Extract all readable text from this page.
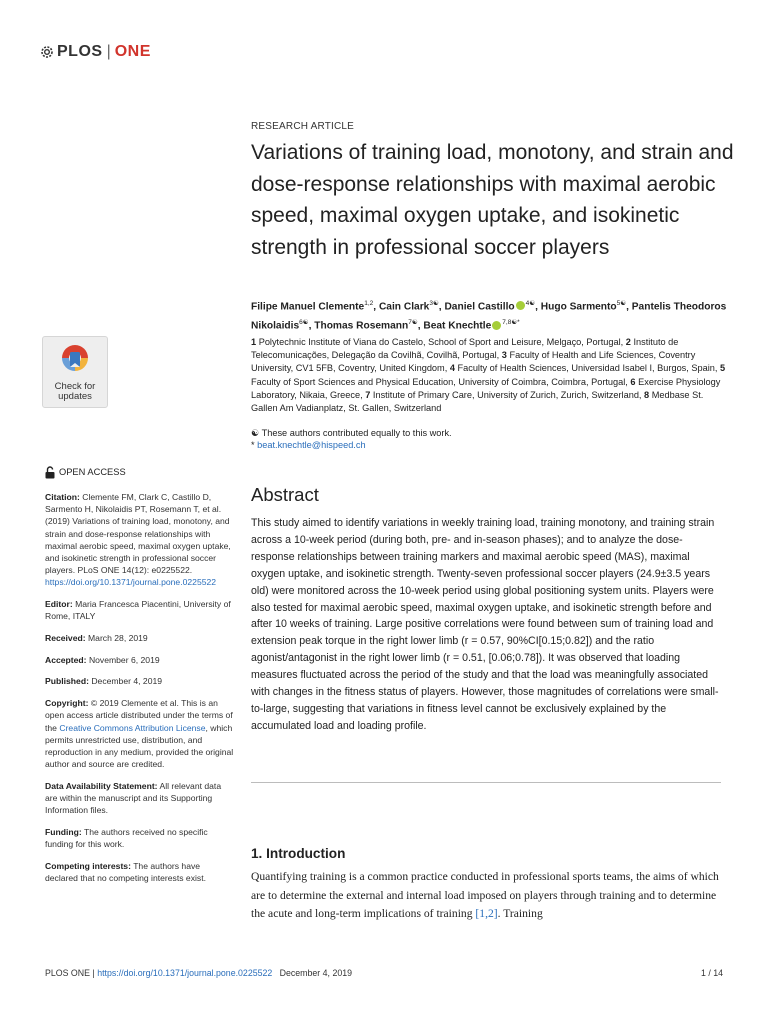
PLOS | ONE
RESEARCH ARTICLE
Variations of training load, monotony, and strain and dose-response relationships with maximal aerobic speed, maximal oxygen uptake, and isokinetic strength in professional soccer players
Filipe Manuel Clemente$^{1,2}$, Cain Clark$^{3☯}$, Daniel Castillo $^{4☯}$, Hugo Sarmento$^{5☯}$, Pantelis Theodoros Nikolaidis$^{6☯}$, Thomas Rosemann$^{7☯}$, Beat Knechtle $^{7,8☯*}$
1 Polytechnic Institute of Viana do Castelo, School of Sport and Leisure, Melgaço, Portugal, 2 Instituto de Telecomunicações, Delegação da Covilhã, Covilhã, Portugal, 3 Faculty of Health and Life Sciences, Coventry University, CV1 5FB, Coventry, United Kingdom, 4 Faculty of Health Sciences, Universidad Isabel I, Burgos, Spain, 5 Faculty of Sport Sciences and Physical Education, University of Coimbra, Coimbra, Portugal, 6 Exercise Physiology Laboratory, Nikaia, Greece, 7 Institute of Primary Care, University of Zurich, Zurich, Switzerland, 8 Medbase St. Gallen Am Vadianplatz, St. Gallen, Switzerland
☯ These authors contributed equally to this work.
* beat.knechtle@hispeed.ch
Check for
updates
OPEN ACCESS
Citation: Clemente FM, Clark C, Castillo D, Sarmento H, Nikolaidis PT, Rosemann T, et al. (2019) Variations of training load, monotony, and strain and dose-response relationships with maximal aerobic speed, maximal oxygen uptake, and isokinetic strength in professional soccer players. PLoS ONE 14(12): e0225522. https://doi.org/10.1371/journal.pone.0225522
Editor: Maria Francesca Piacentini, University of Rome, ITALY
Received: March 28, 2019
Accepted: November 6, 2019
Published: December 4, 2019
Copyright: © 2019 Clemente et al. This is an open access article distributed under the terms of the Creative Commons Attribution License, which permits unrestricted use, distribution, and reproduction in any medium, provided the original author and source are credited.
Data Availability Statement: All relevant data are within the manuscript and its Supporting Information files.
Funding: The authors received no specific funding for this work.
Competing interests: The authors have declared that no competing interests exist.
Abstract
This study aimed to identify variations in weekly training load, training monotony, and training strain across a 10-week period (during both, pre- and in-season phases); and to analyze the dose-response relationships between training markers and maximal aerobic speed (MAS), maximal oxygen uptake, and isokinetic strength. Twenty-seven professional soccer players (24.9±3.5 years old) were monitored across the 10-week period using global positioning system units. Players were also tested for maximal aerobic speed, maximal oxygen uptake, and isokinetic strength before and after 10 weeks of training. Large positive correlations were found between sum of training load and extension peak torque in the right lower limb (r = 0.57, 90%CI[0.15;0.82]) and the ratio agonist/antagonist in the right lower limb (r = 0.51, [0.06;0.78]). It was observed that loading measures fluctuated across the period of the study and that the load was meaningfully associated with changes in the fitness status of players. However, those magnitudes of correlations were small-to-large, suggesting that variations in fitness level cannot be exclusively explained by the accumulated load and loading profile.
1. Introduction
Quantifying training is a common practice conducted in professional sports teams, the aims of which are to determine the external and internal load imposed on players through training and to determine the acute and long-term implications of training [1,2]. Training
PLOS ONE | https://doi.org/10.1371/journal.pone.0225522 December 4, 2019	1 / 14
